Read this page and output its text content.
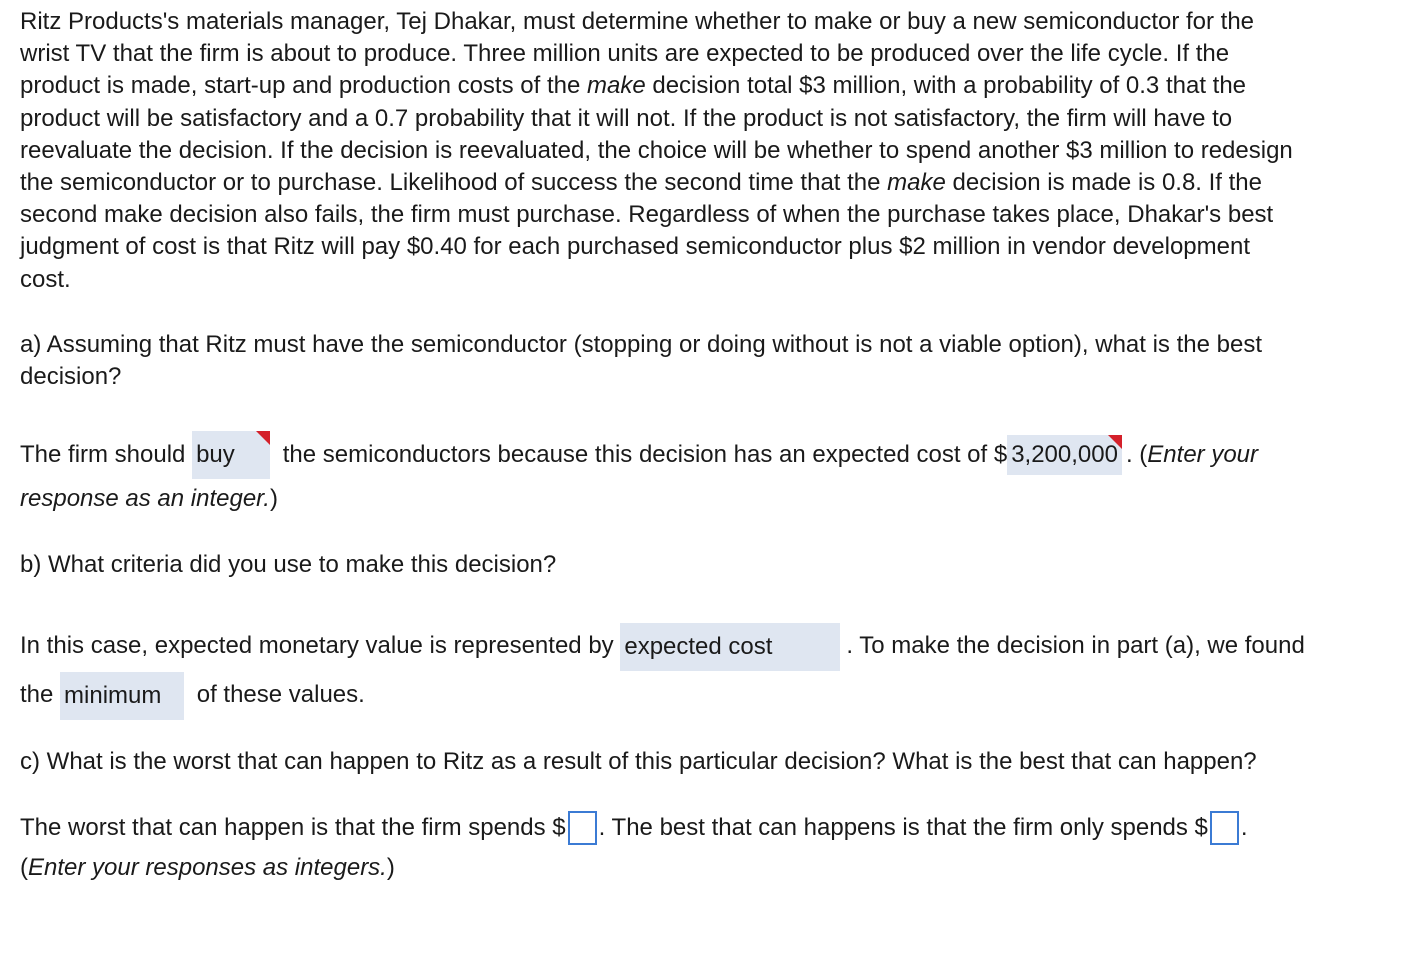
Ritz Products's materials manager, Tej Dhakar, must determine whether to make or buy a new semiconductor for the
wrist TV that the firm is about to produce. Three million units are expected to be produced over the life cycle. If the
product is made, start-up and production costs of the make decision total $3 million, with a probability of 0.3 that the
product will be satisfactory and a 0.7 probability that it will not. If the product is not satisfactory, the firm will have to
reevaluate the decision. If the decision is reevaluated, the choice will be whether to spend another $3 million to redesign
the semiconductor or to purchase. Likelihood of success the second time that the make decision is made is 0.8. If the
second make decision also fails, the firm must purchase. Regardless of when the purchase takes place, Dhakar's best
judgment of cost is that Ritz will pay $0.40 for each purchased semiconductor plus $2 million in vendor development
cost.

a) Assuming that Ritz must have the semiconductor (stopping or doing without is not a viable option), what is the best
decision?

The firm should buy the semiconductors because this decision has an expected cost of $ 3,200,000 . (Enter your
response as an integer.)
b) What criteria did you use to make this decision?
In this case, expected monetary value is represented by expected cost	. To make the decision in part (a), we found
the minimum of these values.
c) What is the worst that can happen to Ritz as a result of this particular decision? What is the best that can happen?
The worst that can happen is that the firm spends $ . The best that can happens is that the firm only spends $ .
(Enter your responses as integers.)
